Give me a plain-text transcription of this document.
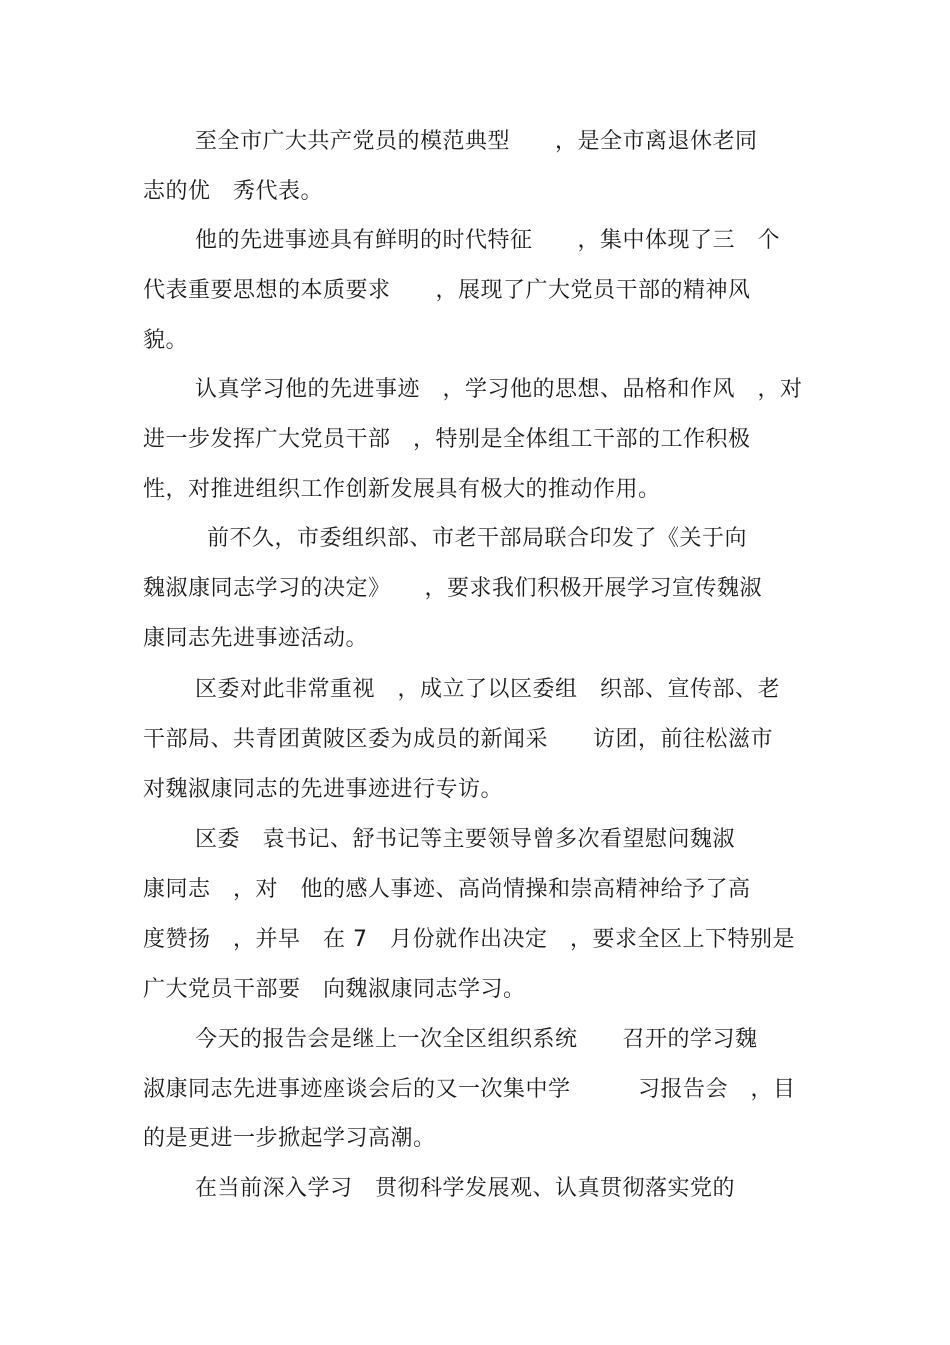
至全市广大共产党员的模范典型　　，是全市离退休老同
志的优　秀代表。
他的先进事迹具有鲜明的时代特征　　，集中体现了三　个
代表重要思想的本质要求　　，展现了广大党员干部的精神风
貌。
认真学习他的先进事迹　，学习他的思想、品格和作风　，对
进一步发挥广大党员干部　，特别是全体组工干部的工作积极
性，对推进组织工作创新发展具有极大的推动作用。
前不久，市委组织部、市老干部局联合印发了《关于向
魏淑康同志学习的决定》　　，要求我们积极开展学习宣传魏淑
康同志先进事迹活动。
区委对此非常重视　，成立了以区委组　织部、宣传部、老
干部局、共青团黄陂区委为成员的新闻采　　访团，前往松滋市
对魏淑康同志的先进事迹进行专访。
区委　袁书记、舒书记等主要领导曾多次看望慰问魏淑
康同志　，对　他的感人事迹、高尚情操和崇高精神给予了高
度赞扬　，并早　在 7　月份就作出决定　，要求全区上下特别是
广大党员干部要　向魏淑康同志学习。
今天的报告会是继上一次全区组织系统　　召开的学习魏
淑康同志先进事迹座谈会后的又一次集中学　　　习报告会　，目
的是更进一步掀起学习高潮。
在当前深入学习　贯彻科学发展观、认真贯彻落实党的
